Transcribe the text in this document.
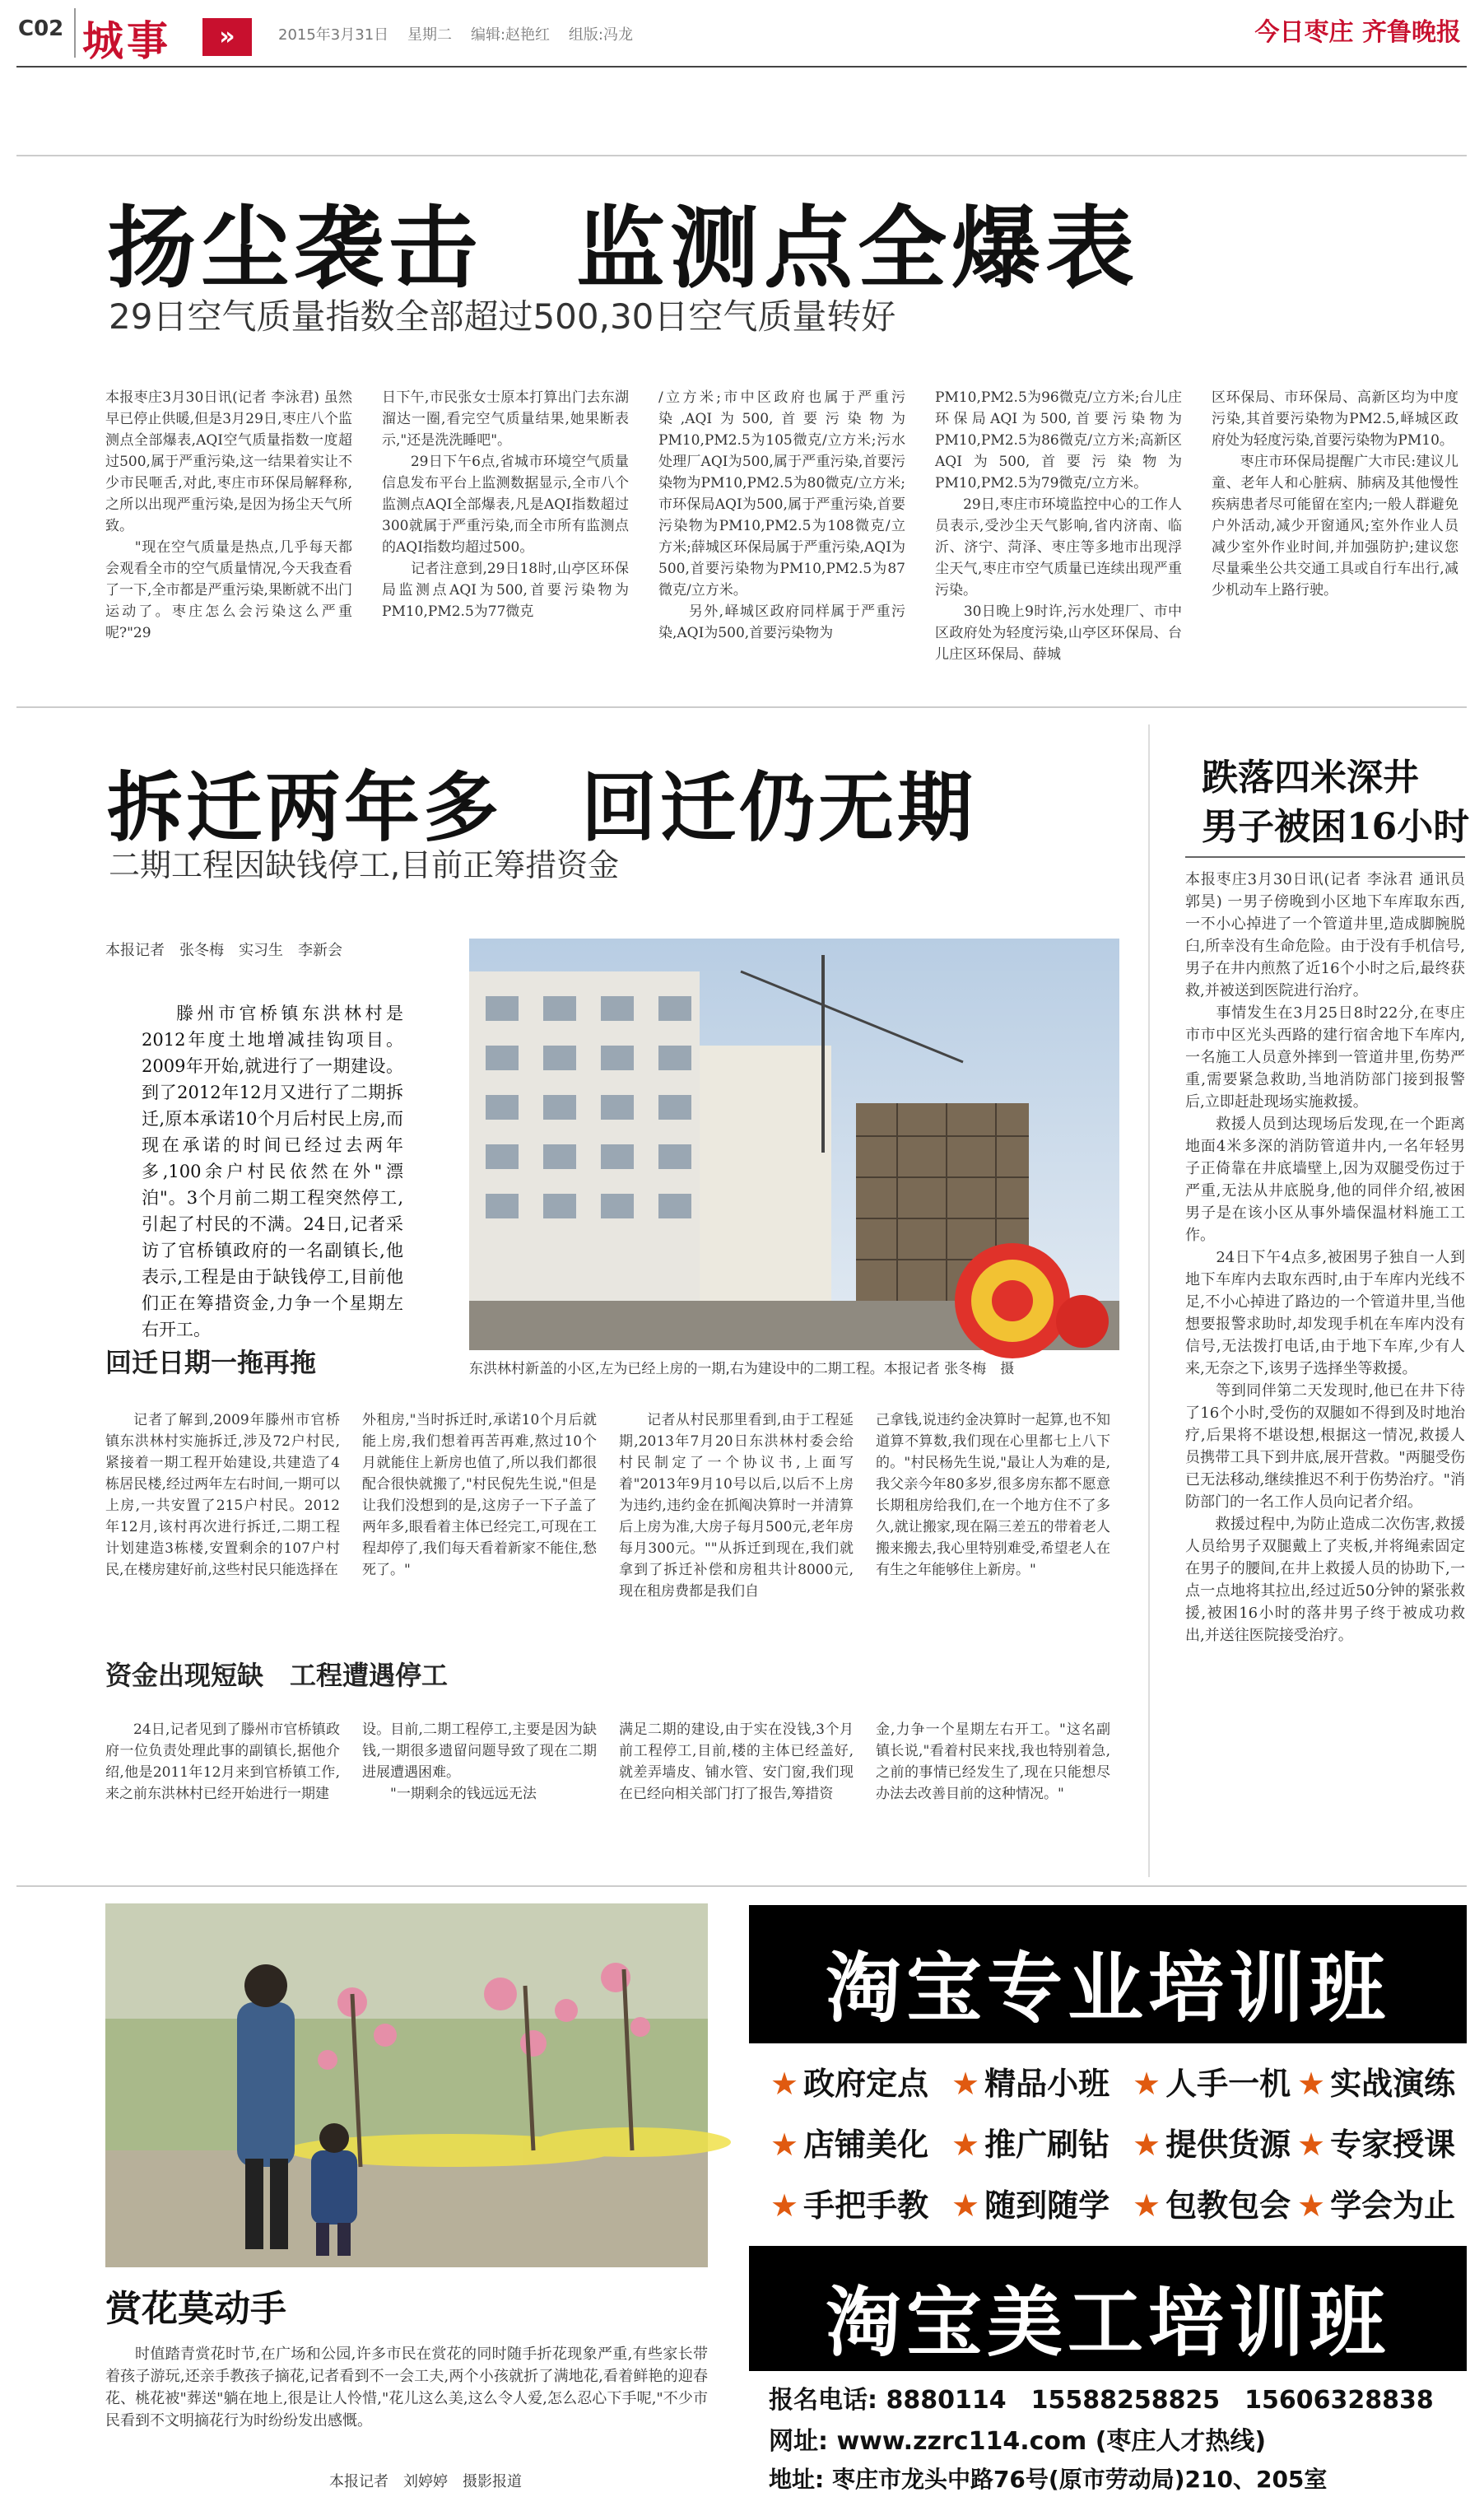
C02 城事	»	2015年3月31日    星期二    编辑:赵艳红    组版:冯龙	今日枣庄 齐鲁晚报
扬尘袭击　监测点全爆表
29日空气质量指数全部超过500,30日空气质量转好
本报枣庄3月30日讯(记者 李泳君) 虽然早已停止供暖,但是3月29日,枣庄八个监测点全部爆表,AQI空气质量指数一度超过500,属于严重污染,这一结果着实让不少市民咂舌,对此,枣庄市环保局解释称,之所以出现严重污染,是因为扬尘天气所致。
　　"现在空气质量是热点,几乎每天都会观看全市的空气质量情况,今天我查看了一下,全市都是严重污染,果断就不出门运动了。枣庄怎么会污染这么严重呢?"29
日下午,市民张女士原本打算出门去东湖溜达一圈,看完空气质量结果,她果断表示,"还是洗洗睡吧"。
　　29日下午6点,省城市环境空气质量信息发布平台上监测数据显示,全市八个监测点AQI全部爆表,凡是AQI指数超过300就属于严重污染,而全市所有监测点的AQI指数均超过500。
　　记者注意到,29日18时,山亭区环保局监测点AQI为500,首要污染物为PM10,PM2.5为77微克
/立方米;市中区政府也属于严重污染,AQI为500,首要污染物为PM10,PM2.5为105微克/立方米;污水处理厂AQI为500,属于严重污染,首要污染物为PM10,PM2.5为80微克/立方米;市环保局AQI为500,属于严重污染,首要污染物为PM10,PM2.5为108微克/立方米;薛城区环保局属于严重污染,AQI为500,首要污染物为PM10,PM2.5为87微克/立方米。
　　另外,峄城区政府同样属于严重污染,AQI为500,首要污染物为
PM10,PM2.5为96微克/立方米;台儿庄环保局AQI为500,首要污染物为PM10,PM2.5为86微克/立方米;高新区AQI为500,首要污染物为PM10,PM2.5为79微克/立方米。
　　29日,枣庄市环境监控中心的工作人员表示,受沙尘天气影响,省内济南、临沂、济宁、菏泽、枣庄等多地市出现浮尘天气,枣庄市空气质量已连续出现严重污染。
　　30日晚上9时许,污水处理厂、市中区政府处为轻度污染,山亭区环保局、台儿庄区环保局、薛城
区环保局、市环保局、高新区均为中度污染,其首要污染物为PM2.5,峄城区政府处为轻度污染,首要污染物为PM10。
　　枣庄市环保局提醒广大市民:建议儿童、老年人和心脏病、肺病及其他慢性疾病患者尽可能留在室内;一般人群避免户外活动,减少开窗通风;室外作业人员减少室外作业时间,并加强防护;建议您尽量乘坐公共交通工具或自行车出行,减少机动车上路行驶。
拆迁两年多　回迁仍无期
二期工程因缺钱停工,目前正筹措资金
本报记者　张冬梅　实习生　李新会
滕州市官桥镇东洪林村是2012年度土地增减挂钩项目。2009年开始,就进行了一期建设。到了2012年12月又进行了二期拆迁,原本承诺10个月后村民上房,而现在承诺的时间已经过去两年多,100余户村民依然在外"漂泊"。3个月前二期工程突然停工,引起了村民的不满。24日,记者采访了官桥镇政府的一名副镇长,他表示,工程是由于缺钱停工,目前他们正在筹措资金,力争一个星期左右开工。
东洪林村新盖的小区,左为已经上房的一期,右为建设中的二期工程。本报记者 张冬梅　摄
回迁日期一拖再拖
记者了解到,2009年滕州市官桥镇东洪林村实施拆迁,涉及72户村民,紧接着一期工程开始建设,共建造了4栋居民楼,经过两年左右时间,一期可以上房,一共安置了215户村民。2012年12月,该村再次进行拆迁,二期工程计划建造3栋楼,安置剩余的107户村民,在楼房建好前,这些村民只能选择在
外租房,"当时拆迁时,承诺10个月后就能上房,我们想着再苦再难,熬过10个月就能住上新房也值了,所以我们都很配合很快就搬了,"村民倪先生说,"但是让我们没想到的是,这房子一下子盖了两年多,眼看着主体已经完工,可现在工程却停了,我们每天看着新家不能住,愁死了。"
记者从村民那里看到,由于工程延期,2013年7月20日东洪林村委会给村民制定了一个协议书,上面写着"2013年9月10号以后,以后不上房为违约,违约金在抓阄决算时一并清算后上房为准,大房子每月500元,老年房每月300元。""从拆迁到现在,我们就拿到了拆迁补偿和房租共计8000元,现在租房费都是我们自
己拿钱,说违约金决算时一起算,也不知道算不算数,我们现在心里都七上八下的。"村民杨先生说,"最让人为难的是,我父亲今年80多岁,很多房东都不愿意长期租房给我们,在一个地方住不了多久,就让搬家,现在隔三差五的带着老人搬来搬去,我心里特别难受,希望老人在有生之年能够住上新房。"
资金出现短缺　工程遭遇停工
24日,记者见到了滕州市官桥镇政府一位负责处理此事的副镇长,据他介绍,他是2011年12月来到官桥镇工作,来之前东洪林村已经开始进行一期建
设。目前,二期工程停工,主要是因为缺钱,一期很多遗留问题导致了现在二期进展遭遇困难。
　　"一期剩余的钱远远无法
满足二期的建设,由于实在没钱,3个月前工程停工,目前,楼的主体已经盖好,就差弄墙皮、铺水管、安门窗,我们现在已经向相关部门打了报告,筹措资
金,力争一个星期左右开工。"这名副镇长说,"看着村民来找,我也特别着急,之前的事情已经发生了,现在只能想尽办法去改善目前的这种情况。"
跌落四米深井
男子被困16小时
本报枣庄3月30日讯(记者 李泳君 通讯员 郭昊) 一男子傍晚到小区地下车库取东西,一不小心掉进了一个管道井里,造成脚腕脱臼,所幸没有生命危险。由于没有手机信号,男子在井内煎熬了近16个小时之后,最终获救,并被送到医院进行治疗。
　　事情发生在3月25日8时22分,在枣庄市市中区光头西路的建行宿舍地下车库内,一名施工人员意外摔到一管道井里,伤势严重,需要紧急救助,当地消防部门接到报警后,立即赶赴现场实施救援。
　　救援人员到达现场后发现,在一个距离地面4米多深的消防管道井内,一名年轻男子正倚靠在井底墙壁上,因为双腿受伤过于严重,无法从井底脱身,他的同伴介绍,被困男子是在该小区从事外墙保温材料施工工作。
　　24日下午4点多,被困男子独自一人到地下车库内去取东西时,由于车库内光线不足,不小心掉进了路边的一个管道井里,当他想要报警求助时,却发现手机在车库内没有信号,无法拨打电话,由于地下车库,少有人来,无奈之下,该男子选择坐等救援。
　　等到同伴第二天发现时,他已在井下待了16个小时,受伤的双腿如不得到及时地治疗,后果将不堪设想,根据这一情况,救援人员携带工具下到井底,展开营救。"两腿受伤已无法移动,继续推迟不利于伤势治疗。"消防部门的一名工作人员向记者介绍。
　　救援过程中,为防止造成二次伤害,救援人员给男子双腿戴上了夹板,并将绳索固定在男子的腰间,在井上救援人员的协助下,一点一点地将其拉出,经过近50分钟的紧张救援,被困16小时的落井男子终于被成功救出,并送往医院接受治疗。
赏花莫动手
时值踏青赏花时节,在广场和公园,许多市民在赏花的同时随手折花现象严重,有些家长带着孩子游玩,还亲手教孩子摘花,记者看到不一会工夫,两个小孩就折了满地花,看着鲜艳的迎春花、桃花被"葬送"躺在地上,很是让人怜惜,"花儿这么美,这么令人爱,怎么忍心下手呢,"不少市民看到不文明摘花行为时纷纷发出感慨。
本报记者　刘婷婷　摄影报道
淘宝专业培训班
★ 政府定点 ★ 精品小班 ★ 人手一机 ★ 实战演练
★ 店铺美化 ★ 推广刷钻 ★ 提供货源 ★ 专家授课
★ 手把手教 ★ 随到随学 ★ 包教包会 ★ 学会为止
淘宝美工培训班
报名电话: 8880114　15588258825　15606328838
网址: www.zzrc114.com (枣庄人才热线)
地址: 枣庄市龙头中路76号(原市劳动局)210、205室
